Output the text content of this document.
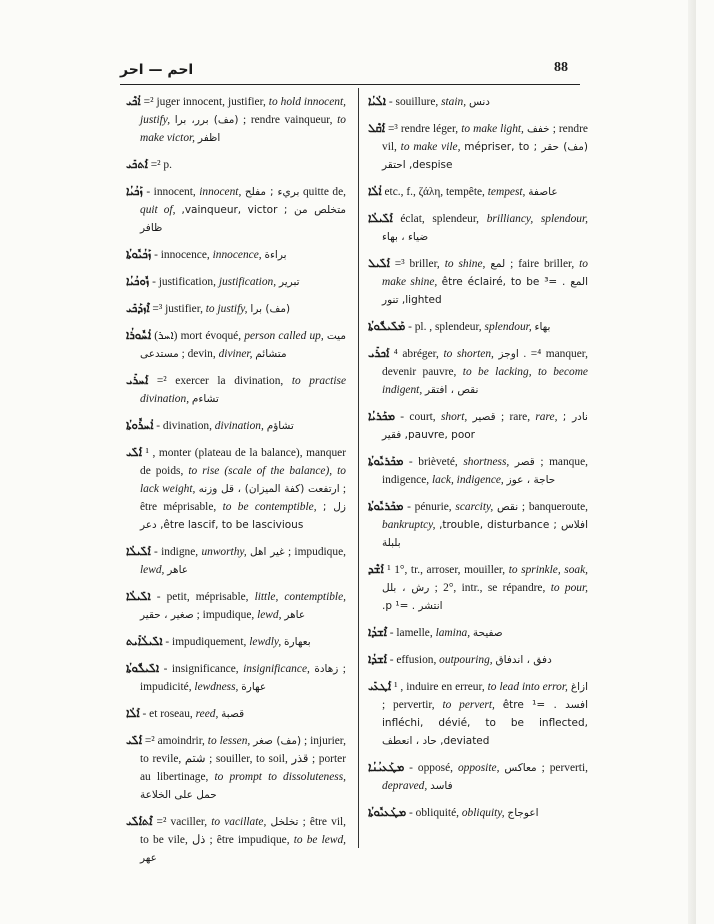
ﺍﺣﻢ — ﺍﺣﺮ	88

ܐܳܟܶܝ =² juger innocent, justifier, to hold innocent, justify, (مف) برر، برا ; rendre vainqueur, to make victor, اظفر

ܐܰܬܟܺܝ =² p.

ܙܰܟܳܝܳܐ - innocent, innocent, بريء ; مفلح quitte de, quit of, متخلص من ; vainqueur, victor, ظافر

ܙܰܟܳܝܽܘܬܳܐ - innocence, innocence, براءة

ܙܽܘܟܳܝܳܐ - justification, justification, تبرير

ܐܶܙܕܰܟܺܝ =³ justifier, to justify, (مف) برا

ܐܳܚܽܘܪܳܐ (ܐܚܪ) mort évoqué, person called up, ميت مستدعى ; devin, diviner, متشائم

ܐܰܚܪܺܝ =² exercer la divination, to practise divination, تشاءم

ܐܳܚܪܽܘܬܳܐ - divination, divination, تشاؤم

ܐܰܠܺܝ ¹ , monter (plateau de la balance), manquer de poids, to rise (scale of the balance), to lack weight, ارتفعت (كفة الميزان) ، قل وزنه ; être méprisable, to be contemptible, زل ; être lascif, to be lascivious, دعر

ܐܰܠܺܝܠܳܐ - indigne, unworthy, غير اهل ; impudique, lewd, عاهر

ܐܠܺܝܠܳܐ - petit, méprisable, little, contemptible, صغير ، حقير ; impudique, lewd, عاهر

ܐܠܺܝܠܳܐܺܝܬ - impudiquement, lewdly, بعهارة

ܐܠܺܝܠܽܘܬܳܐ - insignificance, insignificance, زهادة ; impudicité, lewdness, عهارة

ܐܰܠܳܐ - et roseau, reed, قصبة

ܐܰܠܺܝ =² amoindrir, to lessen, (مف) صغر ; injurier, to revile, شتم ; souiller, to soil, قذر ; porter au libertinage, to prompt to dissoluteness, حمل على الخلاعة

ܐܶܬܐܰܠܺܝ =² vaciller, to vacillate, تخلخل ; être vil, to be vile, ذل ; être impudique, to be lewd, عهر

ܐܠܳܝܳܐ - souillure, stain, دنس

ܐܰܩܶܠ =³ rendre léger, to make light, خفف ; rendre vil, to make vile, (مف) حقر ; mépriser, to despise, احتقر

ܐܳܠܳܐ etc., f., ζάλη, tempête, tempest, عاصفة

ܐܰܠܺܝܠܳܐ éclat, splendeur, brilliancy, splendour, ضياء ، بهاء

ܐܰܠܺܝܠ =³ briller, to shine, لمع ; faire briller, to make shine, المع . =³ être éclairé, to be lighted, تنور

ܡܰܠܺܝܠܽܘܬܳܐ - pl. , splendeur, splendour, بهاء

ܐܰܟܪܺܝ ⁴ abréger, to shorten, اوجز . =⁴ manquer, devenir pauvre, to be lacking, to become indigent, نقص ، افتقر

ܡܟܰܪܝܳܐ - court, short, قصير ; rare, rare, نادر ; pauvre, poor, فقير

ܡܟܰܪܝܽܘܬܳܐ - brièveté, shortness, قصر ; manque, indigence, lack, indigence, حاجة ، عوز

ܡܟܰܪܝܽܘܬܳܐ - pénurie, scarcity, نقص ; banqueroute, bankruptcy, افلاس ; trouble, disturbance, بلبلة

ܐܰܫܶܕ ¹ 1°, tr., arroser, mouiller, to sprinkle, soak, رش ، بلل ; 2°, intr., se répandre, to pour, انتشر . =¹ p.

ܐܶܫܕܳܐ - lamelle, lamina, صفيحة

ܐܰܫܕܳܐ - effusion, outpouring, دفق ، اندفاق

ܐܰܛܥܺܝ ¹ , induire en erreur, to lead into error, ازاغ ; pervertir, to pervert, افسد . =¹ être infléchi, dévié, to be inflected, deviated, حاد ، انعطف

ܡܛܰܥܝܳܢܳܐ - opposé, opposite, معاكس ; perverti, depraved, فاسد

ܡܛܰܥܝܽܘܬܳܐ - obliquité, obliquity, اعوجاج
